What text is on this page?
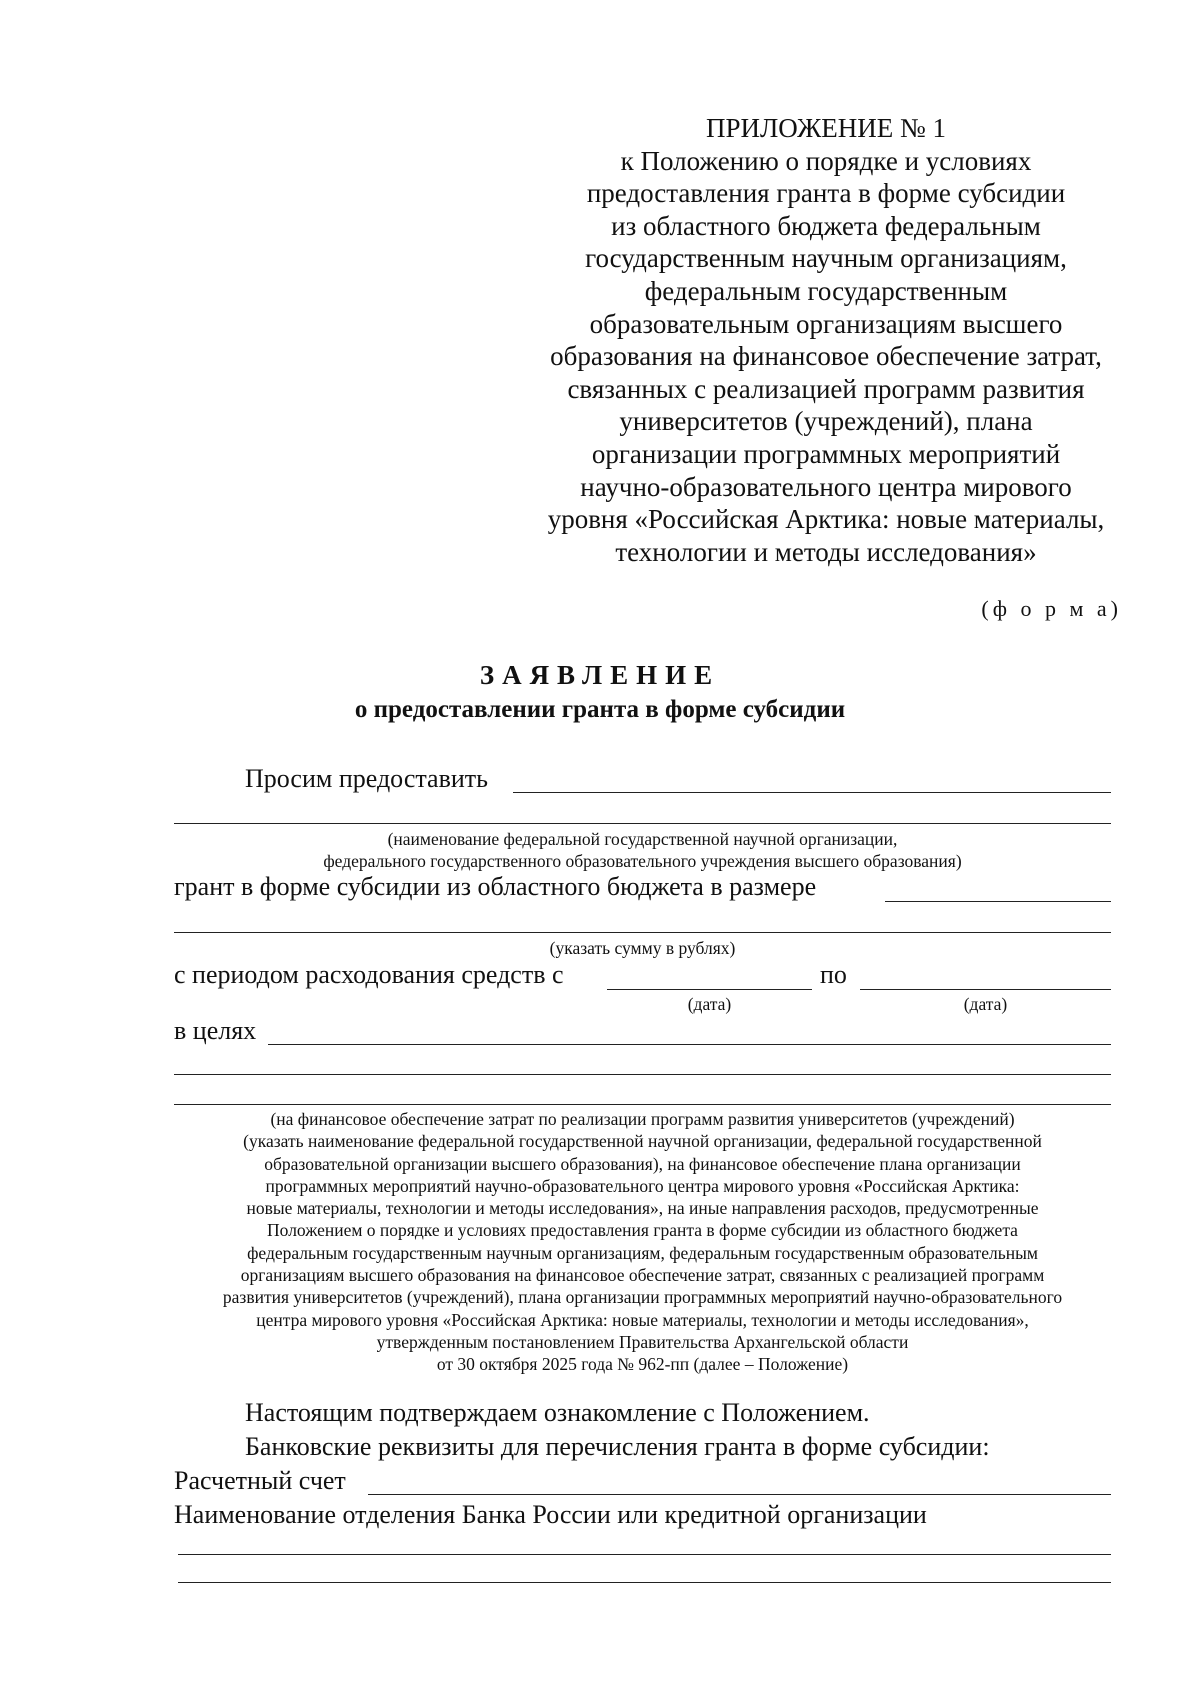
ПРИЛОЖЕНИЕ № 1
к Положению о порядке и условиях
предоставления гранта в форме субсидии
из областного бюджета федеральным
государственным научным организациям,
федеральным государственным
образовательным организациям высшего
образования на финансовое обеспечение затрат,
связанных с реализацией программ развития
университетов (учреждений), плана
организации программных мероприятий
научно-образовательного центра мирового
уровня «Российская Арктика: новые материалы,
технологии и методы исследования»
(ф о р м а)
ЗАЯВЛЕНИЕ
о предоставлении гранта в форме субсидии
Просим предоставить
(наименование федеральной государственной научной организации,
федерального государственного образовательного учреждения высшего образования)
грант в форме субсидии из областного бюджета в размере
(указать сумму в рублях)
с периодом расходования средств с	по
(дата)	(дата)
в целях
(на финансовое обеспечение затрат по реализации программ развития университетов (учреждений)
(указать наименование федеральной государственной научной организации, федеральной государственной
образовательной организации высшего образования), на финансовое обеспечение плана организации
программных мероприятий научно-образовательного центра мирового уровня «Российская Арктика:
новые материалы, технологии и методы исследования», на иные направления расходов, предусмотренные
Положением о порядке и условиях предоставления гранта в форме субсидии из областного бюджета
федеральным государственным научным организациям, федеральным государственным образовательным
организациям высшего образования на финансовое обеспечение затрат, связанных с реализацией программ
развития университетов (учреждений), плана организации программных мероприятий научно-образовательного
центра мирового уровня «Российская Арктика: новые материалы, технологии и методы исследования»,
утвержденным постановлением Правительства Архангельской области
от 30 октября 2025 года № 962-пп (далее – Положение)
Настоящим подтверждаем ознакомление с Положением.
Банковские реквизиты для перечисления гранта в форме субсидии:
Расчетный счет
Наименование отделения Банка России или кредитной организации
